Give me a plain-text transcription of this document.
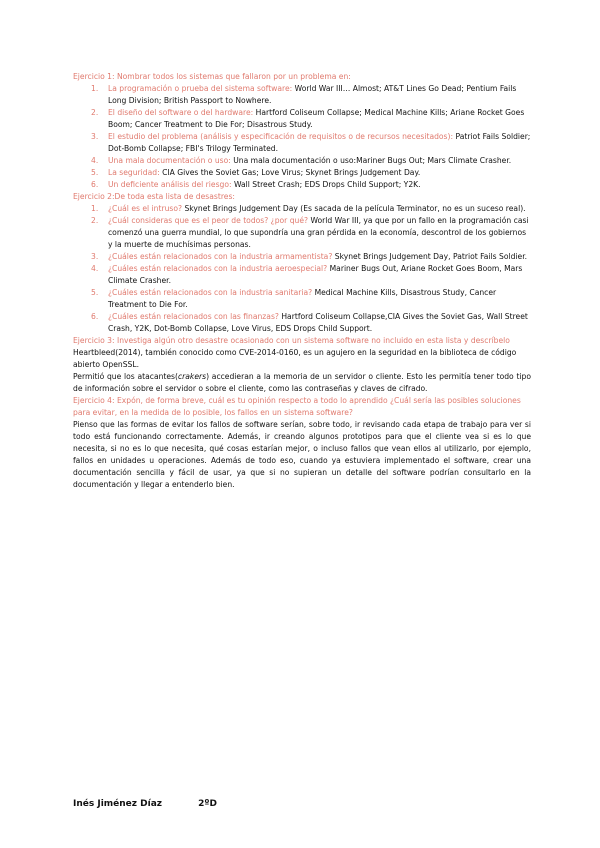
Ejercicio 1: Nombrar todos los sistemas que fallaron por un problema en:

1. La programación o prueba del sistema software: World War III… Almost; AT&T Lines Go Dead; Pentium Fails Long Division; British Passport to Nowhere.
2. El diseño del software o del hardware: Hartford Coliseum Collapse; Medical Machine Kills; Ariane Rocket Goes Boom; Cancer Treatment to Die For; Disastrous Study.
3. El estudio del problema (análisis y especificación de requisitos o de recursos necesitados): Patriot Fails Soldier; Dot-Bomb Collapse; FBI's Trilogy Terminated.
4. Una mala documentación o uso: Una mala documentación o uso:Mariner Bugs Out; Mars Climate Crasher.
5. La seguridad: CIA Gives the Soviet Gas; Love Virus; Skynet Brings Judgement Day.
6. Un deficiente análisis del riesgo: Wall Street Crash; EDS Drops Child Support; Y2K.

Ejercicio 2:De toda esta lista de desastres:

1. ¿Cuál es el intruso? Skynet Brings Judgement Day (Es sacada de la película Terminator, no es un suceso real).
2. ¿Cuál consideras que es el peor de todos? ¿por qué? World War III, ya que por un fallo en la programación casi comenzó una guerra mundial, lo que supondría una gran pérdida en la economía, descontrol de los gobiernos y la muerte de muchísimas personas.
3. ¿Cuáles están relacionados con la industria armamentista? Skynet Brings Judgement Day, Patriot Fails Soldier.
4. ¿Cuáles están relacionados con la industria aeroespecial? Mariner Bugs Out, Ariane Rocket Goes Boom, Mars Climate Crasher.
5. ¿Cuáles están relacionados con la industria sanitaria? Medical Machine Kills, Disastrous Study, Cancer Treatment to Die For.
6. ¿Cuáles están relacionados con las finanzas? Hartford Coliseum Collapse,CIA Gives the Soviet Gas, Wall Street Crash, Y2K, Dot-Bomb Collapse, Love Virus, EDS Drops Child Support.

Ejercicio 3: Investiga algún otro desastre ocasionado con un sistema software no incluido en esta lista y descríbelo

Heartbleed(2014), también conocido como CVE-2014-0160, es un agujero en la seguridad en la biblioteca de código abierto OpenSSL.

Permitió que los atacantes(crakers) accedieran a la memoria de un servidor o cliente. Esto les permitía tener todo tipo de información sobre el servidor o sobre el cliente, como las contraseñas y claves de cifrado.

Ejercicio 4: Expón, de forma breve, cuál es tu opinión respecto a todo lo aprendido ¿Cuál sería las posibles soluciones para evitar, en la medida de lo posible, los fallos en un sistema software?

Pienso que las formas de evitar los fallos de software serían, sobre todo, ir revisando cada etapa de trabajo para ver si todo está funcionando correctamente. Además, ir creando algunos prototipos para que el cliente vea si es lo que necesita, si no es lo que necesita, qué cosas estarían mejor, o incluso fallos que vean ellos al utilizarlo, por ejemplo, fallos en unidades u operaciones. Además de todo eso, cuando ya estuviera implementado el software, crear una documentación sencilla y fácil de usar, ya que si no supieran un detalle del software podrían consultarlo en la documentación y llegar a entenderlo bien.

Inés Jiménez Díaz	2ºD
